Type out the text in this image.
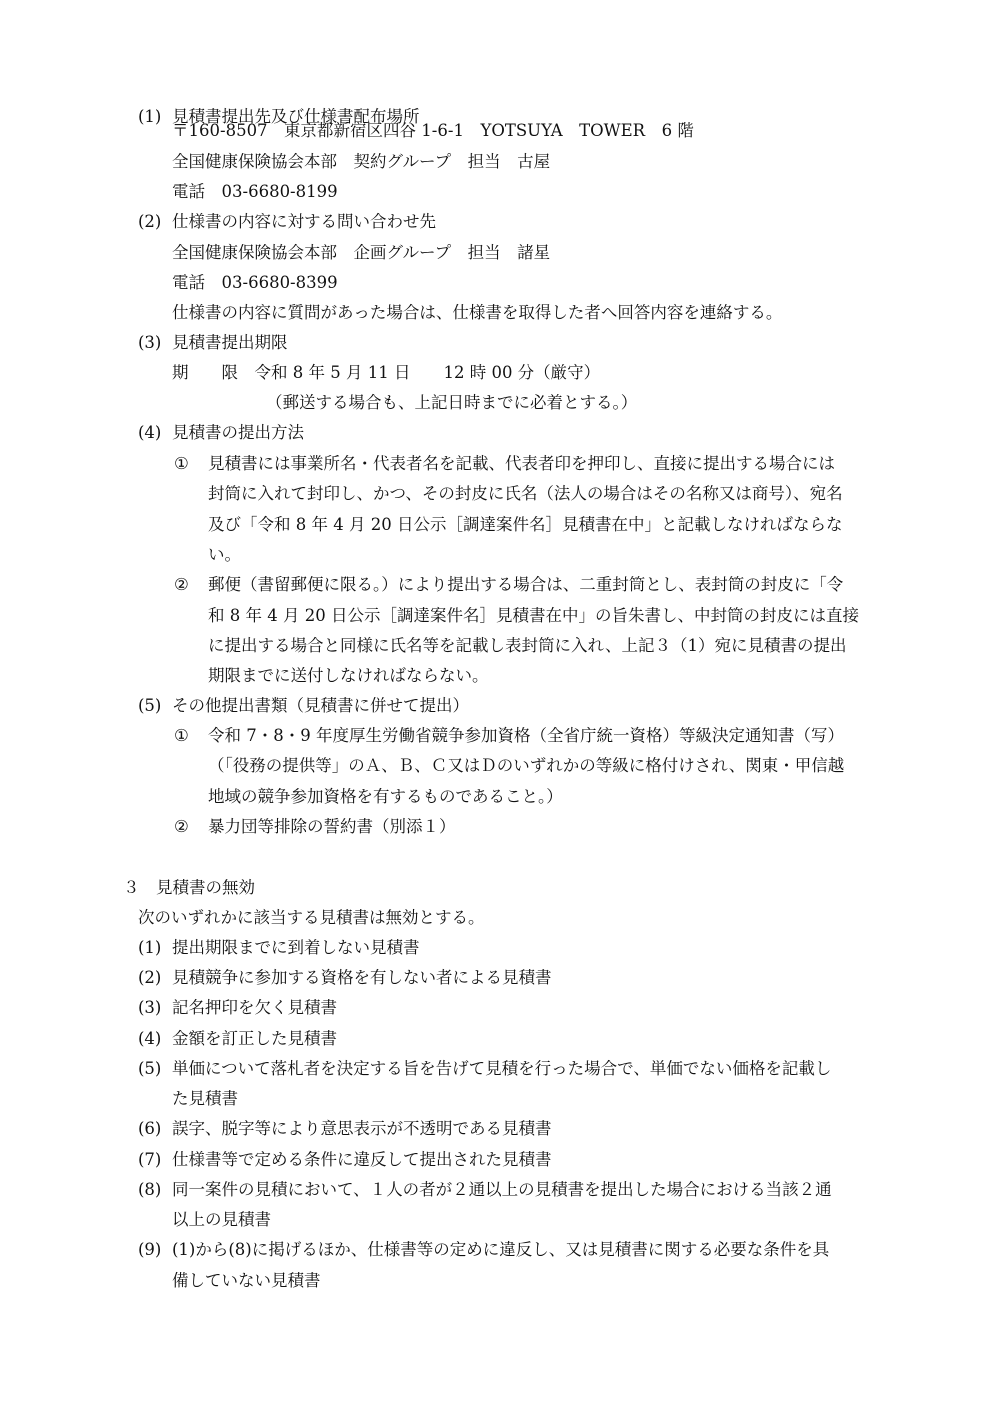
(1) 見積書提出先及び仕様書配布場所
〒160-8507　東京都新宿区四谷 1-6-1　YOTSUYA　TOWER　6 階
全国健康保険協会本部　契約グループ　担当　古屋
電話　03-6680-8199
(2) 仕様書の内容に対する問い合わせ先
全国健康保険協会本部　企画グループ　担当　諸星
電話　03-6680-8399
仕様書の内容に質問があった場合は、仕様書を取得した者へ回答内容を連絡する。
(3) 見積書提出期限
期　　限　令和 8 年 5 月 11 日　　12 時 00 分（厳守）
（郵送する場合も、上記日時までに必着とする。）
(4) 見積書の提出方法
① 見積書には事業所名・代表者名を記載、代表者印を押印し、直接に提出する場合には
封筒に入れて封印し、かつ、その封皮に氏名（法人の場合はその名称又は商号）、宛名
及び「令和 8 年 4 月 20 日公示［調達案件名］見積書在中」と記載しなければならな
い。
② 郵便（書留郵便に限る。）により提出する場合は、二重封筒とし、表封筒の封皮に「令
和 8 年 4 月 20 日公示［調達案件名］見積書在中」の旨朱書し、中封筒の封皮には直接
に提出する場合と同様に氏名等を記載し表封筒に入れ、上記３（1）宛に見積書の提出
期限までに送付しなければならない。
(5) その他提出書類（見積書に併せて提出）
① 令和 7・8・9 年度厚生労働省競争参加資格（全省庁統一資格）等級決定通知書（写）
（「役務の提供等」のＡ、Ｂ、Ｃ又はＤのいずれかの等級に格付けされ、関東・甲信越
地域の競争参加資格を有するものであること。）
② 暴力団等排除の誓約書（別添１）
３ 見積書の無効
次のいずれかに該当する見積書は無効とする。
(1) 提出期限までに到着しない見積書
(2) 見積競争に参加する資格を有しない者による見積書
(3) 記名押印を欠く見積書
(4) 金額を訂正した見積書
(5) 単価について落札者を決定する旨を告げて見積を行った場合で、単価でない価格を記載し
た見積書
(6) 誤字、脱字等により意思表示が不透明である見積書
(7) 仕様書等で定める条件に違反して提出された見積書
(8) 同一案件の見積において、１人の者が２通以上の見積書を提出した場合における当該２通
以上の見積書
(9) (1)から(8)に掲げるほか、仕様書等の定めに違反し、又は見積書に関する必要な条件を具
備していない見積書
